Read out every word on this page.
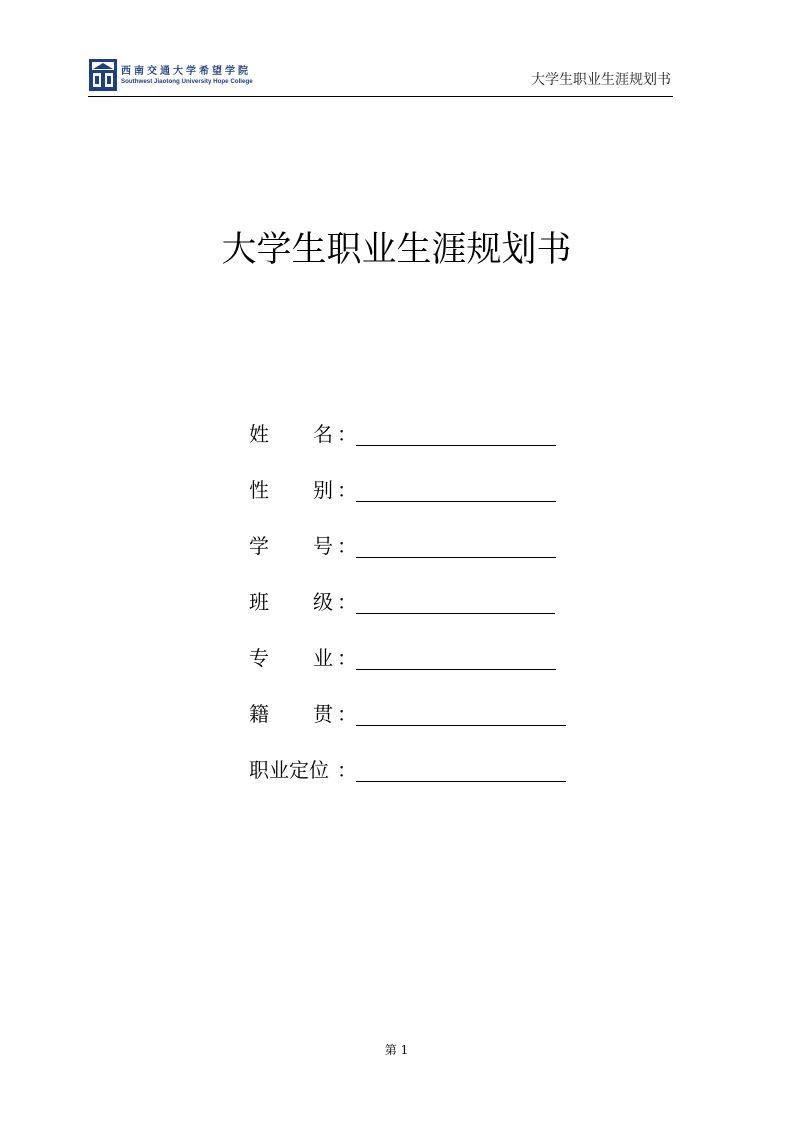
西南交通大学希望学院
Southwest Jiaotong University Hope College	大学生职业生涯规划书
大学生职业生涯规划书
姓 名 ：
性 别 ：
学 号 ：
班 级 ：
专 业 ：
籍 贯 ：
职业定位 ：
第 1
